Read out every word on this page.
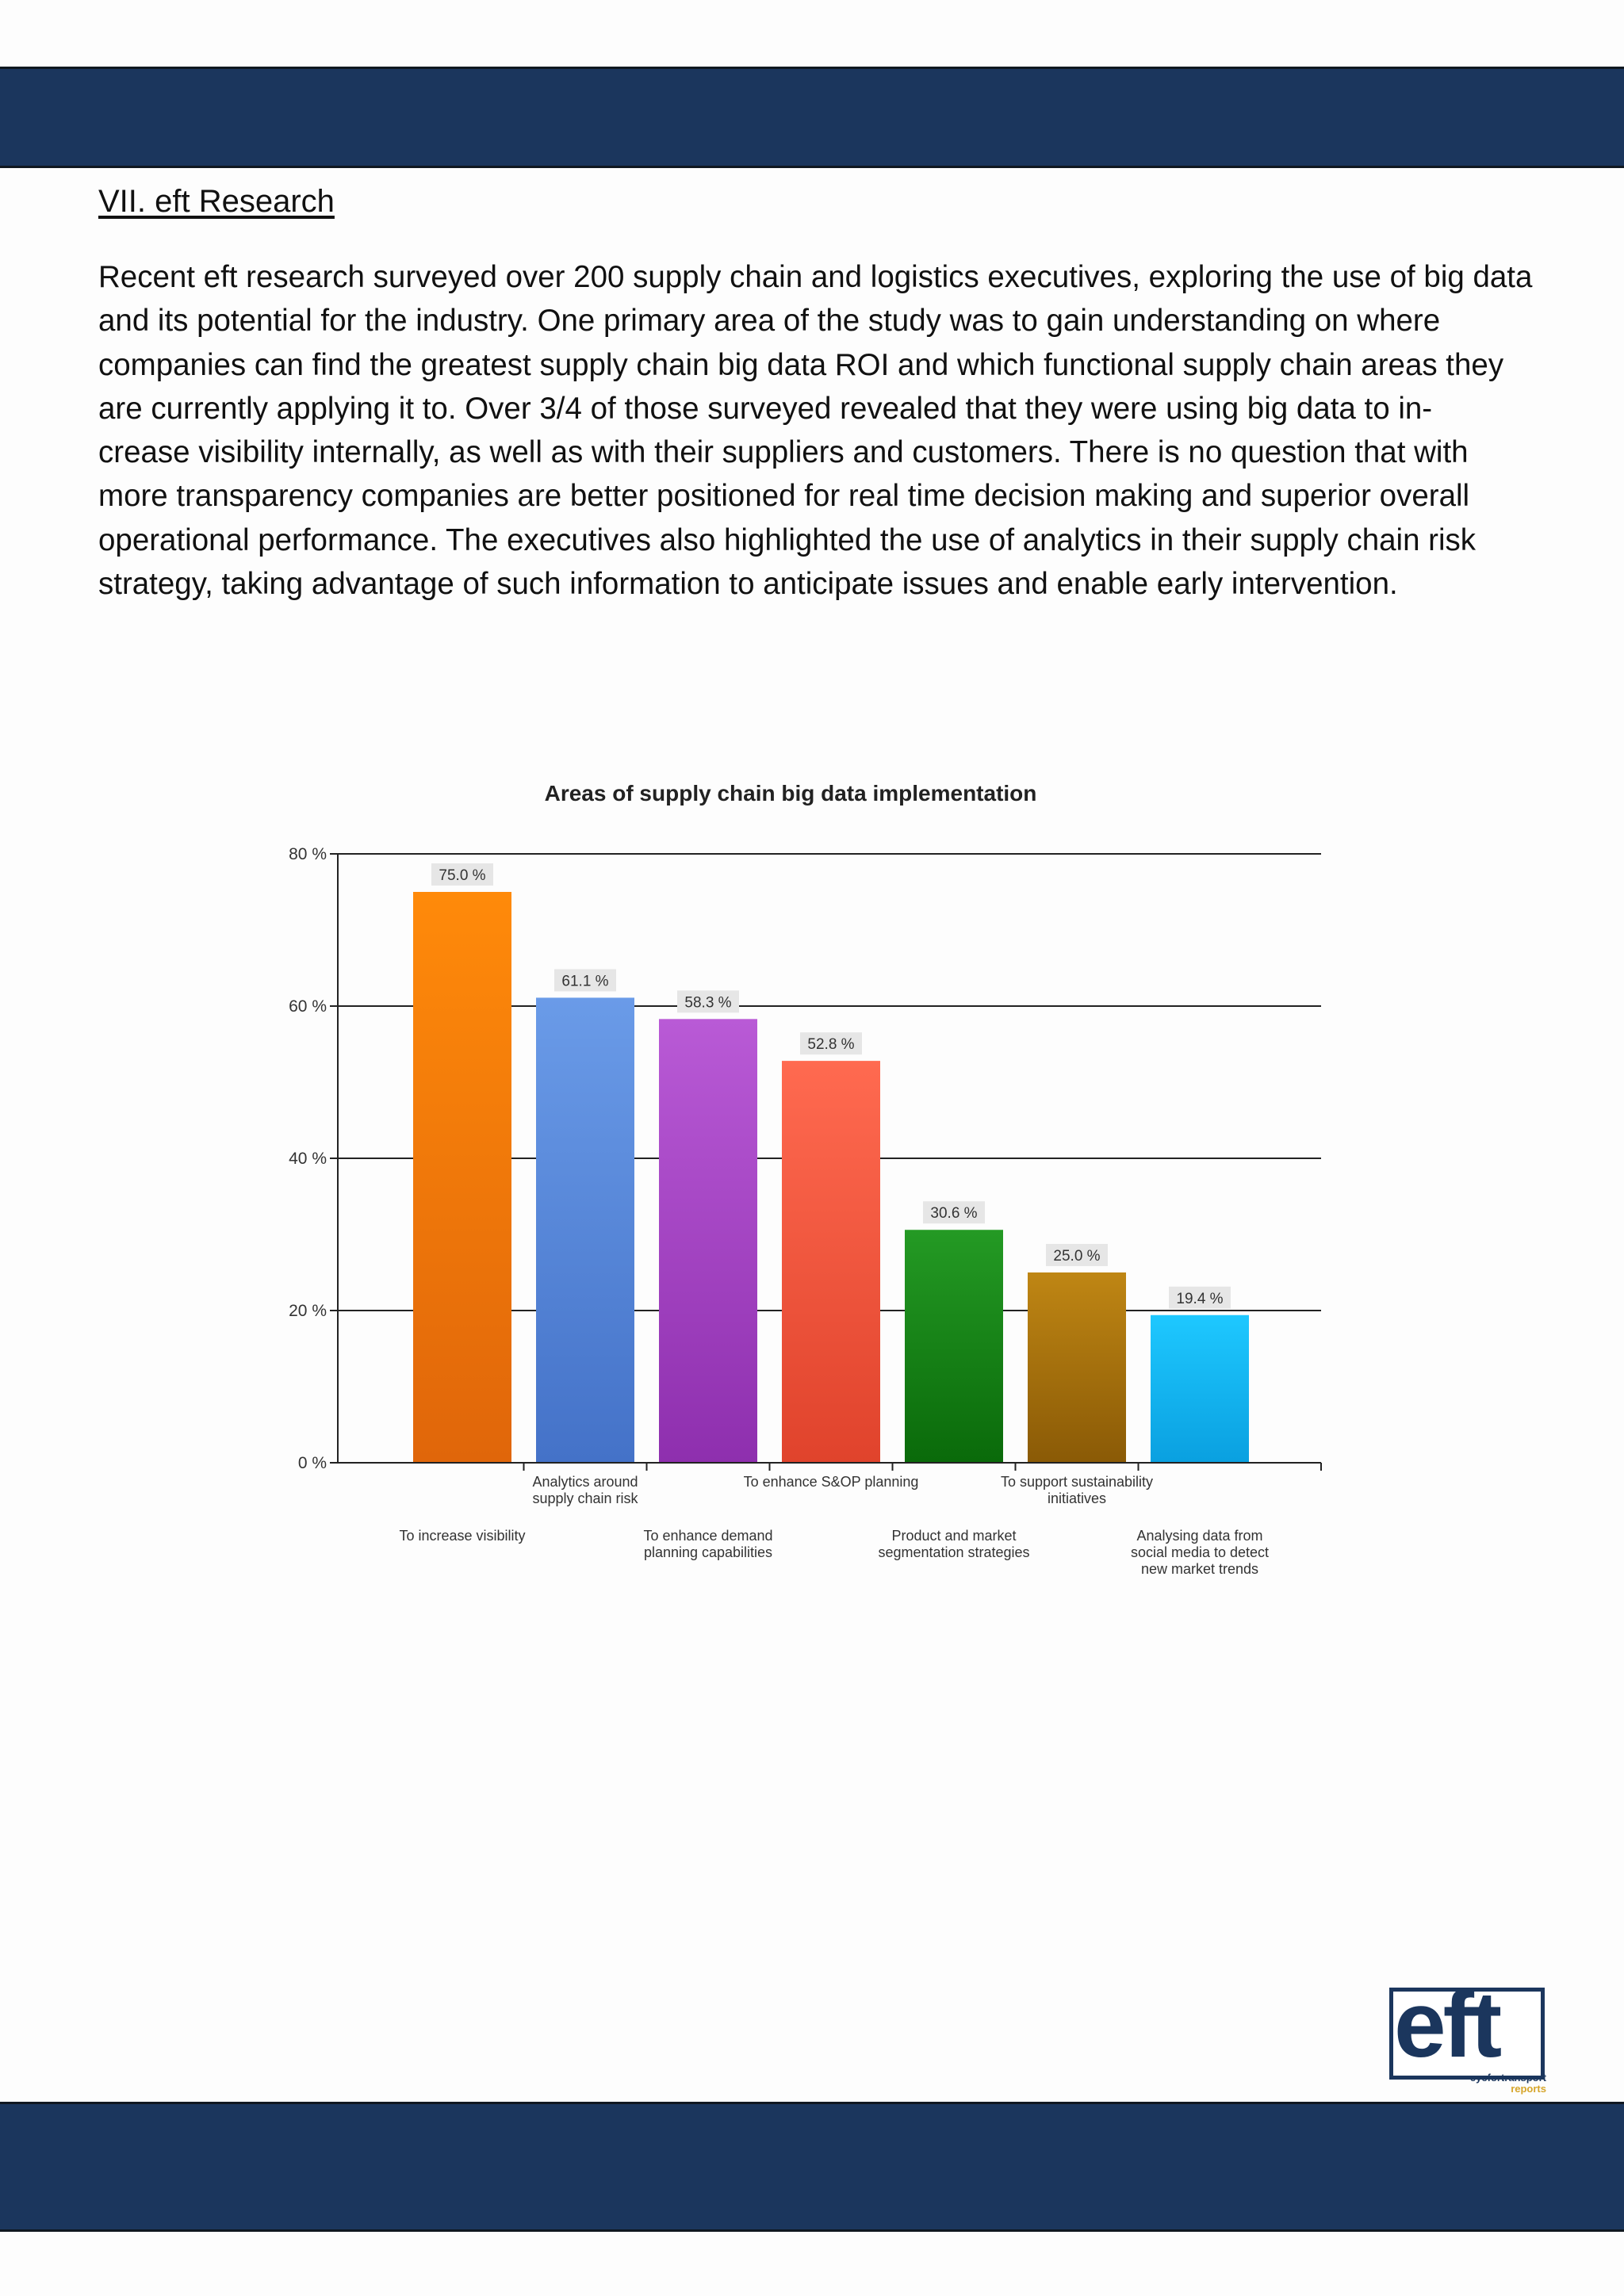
VII. eft Research
Recent eft research surveyed over 200 supply chain and logistics executives, exploring the use of big data
and its potential for the industry. One primary area of the study was to gain understanding on where
companies can find the greatest supply chain big data ROI and which functional supply chain areas they
are currently applying it to. Over 3/4 of those surveyed revealed that they were using big data to in-
crease visibility internally, as well as with their suppliers and customers. There is no question that with
more transparency companies are better positioned for real time decision making and superior overall
operational performance. The executives also highlighted the use of analytics in their supply chain risk
strategy, taking advantage of such information to anticipate issues and enable early intervention.
Areas of supply chain big data implementation
75.0 %
To increase visibility
61.1 %
Analytics around
supply chain risk
58.3 %
To enhance demand
planning capabilities
52.8 %
To enhance S&OP planning
30.6 %
Product and market
segmentation strategies
25.0 %
To support sustainability
initiatives
19.4 %
Analysing data from
social media to detect
new market trends
0 %
20 %
40 %
60 %
80 %
eft
eyefortransport
reports
